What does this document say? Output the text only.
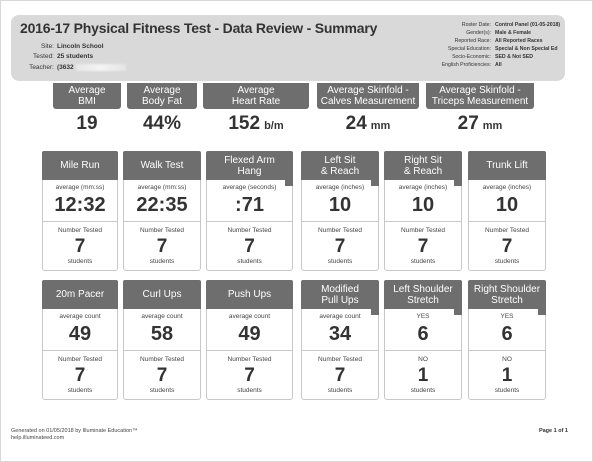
2016-17 Physical Fitness Test - Data Review - Summary
Site: Lincoln School
Tested: 25 students
Teacher: (3632
Roster Date: Control Panel (01-05-2018)
Gender(s): Male & Female
Reported Race: All Reported Races
Special Education: Special & Non Special Ed
Socio-Economic: SED & Not SED
English Proficiencies: All
Average
BMI
19
Average
Body Fat
44%
Average
Heart Rate
152 b/m
Average Skinfold -
Calves Measurement
24 mm
Average Skinfold -
Triceps Measurement
27 mm
Mile Run
average (mm:ss)
12:32
Number Tested
7
students
Walk Test
average (mm:ss)
22:35
Number Tested
7
students
Flexed Arm
Hang
average (seconds)
:71
Number Tested
7
students
Left Sit
& Reach
average (inches)
10
Number Tested
7
students
Right Sit
& Reach
average (inches)
10
Number Tested
7
students
Trunk Lift
average (inches)
10
Number Tested
7
students
20m Pacer
average count
49
Number Tested
7
students
Curl Ups
average count
58
Number Tested
7
students
Push Ups
average count
49
Number Tested
7
students
Modified
Pull Ups
average count
34
Number Tested
7
students
Left Shoulder
Stretch
YES
6
NO
1
students
Right Shoulder
Stretch
YES
6
NO
1
students
Generated on 01/05/2018 by Illuminate Education™
help.illuminateed.com
Page 1 of 1
